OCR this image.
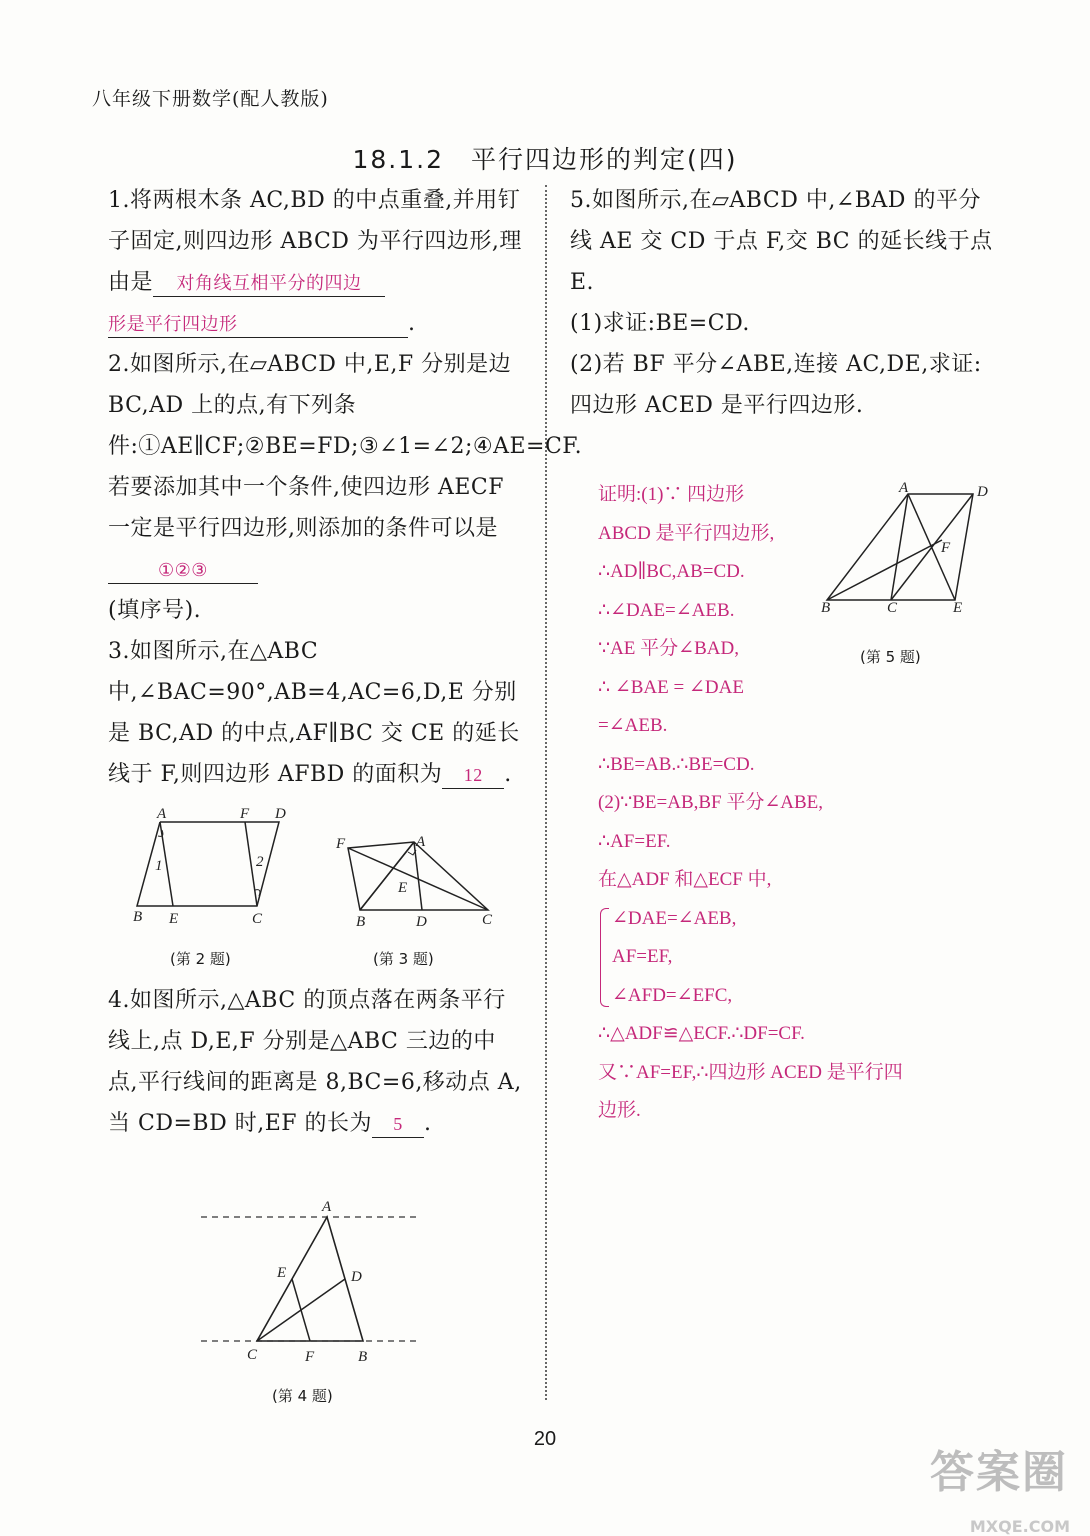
八年级下册数学(配人教版)
18.1.2　平行四边形的判定(四)

1.将两根木条 AC,BD 的中点重叠,并用钉子固定,则四边形 ABCD 为平行四边形,理由是 对角线互相平分的四边
形是平行四边形	.

2.如图所示,在▱ABCD 中,E,F 分别是边 BC,AD 上的点,有下列条件:①AE∥CF;②BE=FD;③∠1=∠2;④AE=CF.若要添加其中一个条件,使四边形 AECF 一定是平行四边形,则添加的条件可以是①②③
(填序号).

3.如图所示,在△ABC 中,∠BAC=90°,AB=4,AC=6,D,E 分别是 BC,AD 的中点,AF∥BC 交 CE 的延长线于 F,则四边形 AFBD 的面积为 12 .

A	F D
B E	C
1	2
(第 2 题)
F	A
E
B	D	C
(第 3 题)

4.如图所示,△ABC 的顶点落在两条平行线上,点 D,E,F 分别是△ABC 三边的中点,平行线间的距离是 8,BC=6,移动点 A,当 CD=BD 时,EF 的长为 5 .

A
E	D
C	F	B
(第 4 题)

5.如图所示,在▱ABCD 中,∠BAD 的平分线 AE 交 CD 于点 F,交 BC 的延长线于点 E.

(1)求证:BE=CD.

(2)若 BF 平分∠ABE,连接 AC,DE,求证:四边形 ACED 是平行四边形.

A	D
F
B	C	E
(第 5 题)

证明:(1)∵ 四边形

ABCD 是平行四边形,

∴AD∥BC,AB=CD.

∴∠DAE=∠AEB.

∵AE 平分∠BAD,

∴ ∠BAE = ∠DAE

=∠AEB.

∴BE=AB.∴BE=CD.

(2)∵BE=AB,BF 平分∠ABE,

∴AF=EF.

在△ADF 和△ECF 中,

∠DAE=∠AEB,

AF=EF,

∠AFD=∠EFC,

∴△ADF≌△ECF.∴DF=CF.

又∵AF=EF,∴四边形 ACED 是平行四

边形.

20
答案圈
MXQE.COM
